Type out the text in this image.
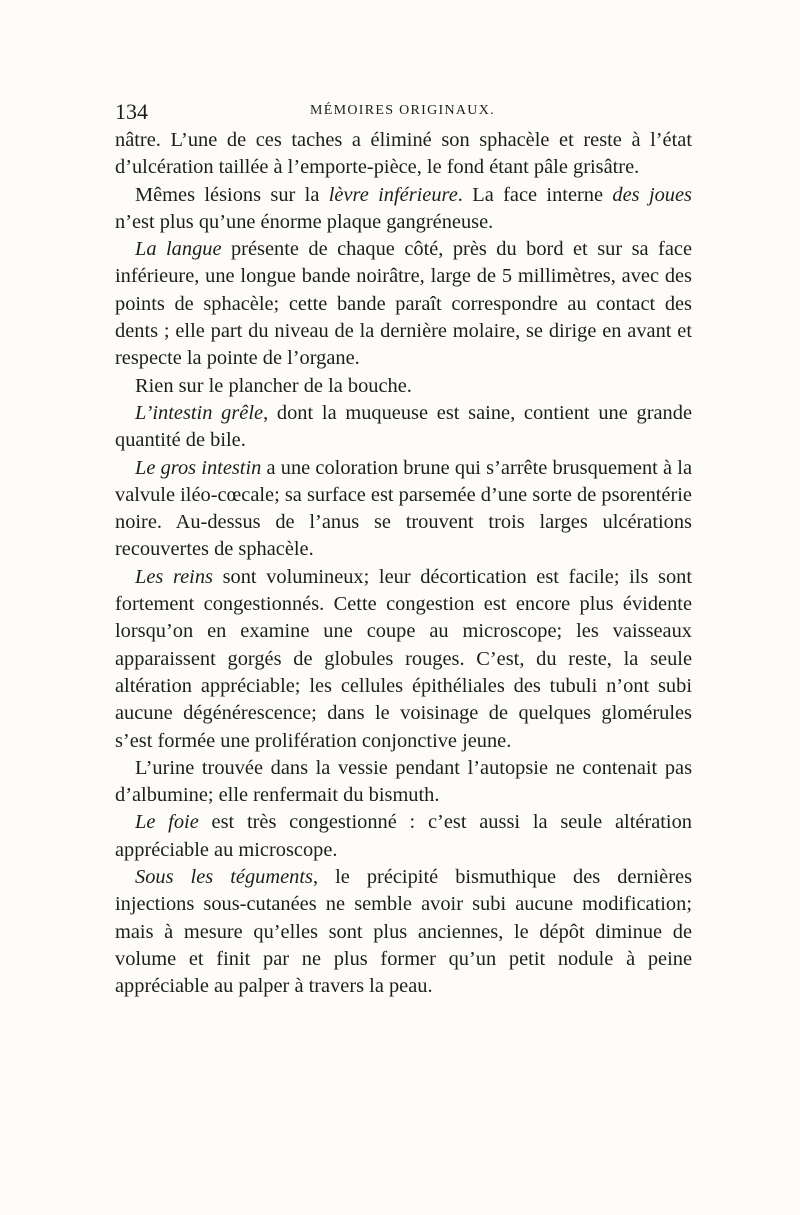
134	MÉMOIRES ORIGINAUX.

nâtre. L’une de ces taches a éliminé son sphacèle et reste à l’état d’ulcération taillée à l’emporte-pièce, le fond étant pâle grisâtre.

Mêmes lésions sur la lèvre inférieure. La face interne des joues n’est plus qu’une énorme plaque gangréneuse.

La langue présente de chaque côté, près du bord et sur sa face inférieure, une longue bande noirâtre, large de 5 millimètres, avec des points de sphacèle; cette bande paraît correspondre au contact des dents ; elle part du niveau de la dernière molaire, se dirige en avant et respecte la pointe de l’organe.

Rien sur le plancher de la bouche.

L’intestin grêle, dont la muqueuse est saine, contient une grande quantité de bile.

Le gros intestin a une coloration brune qui s’arrête brusquement à la valvule iléo-cœcale; sa surface est parsemée d’une sorte de psorentérie noire. Au-dessus de l’anus se trouvent trois larges ulcérations recouvertes de sphacèle.

Les reins sont volumineux; leur décortication est facile; ils sont fortement congestionnés. Cette congestion est encore plus évidente lorsqu’on en examine une coupe au microscope; les vaisseaux apparaissent gorgés de globules rouges. C’est, du reste, la seule altération appréciable; les cellules épithéliales des tubuli n’ont subi aucune dégénérescence; dans le voisinage de quelques glomérules s’est formée une prolifération conjonctive jeune.

L’urine trouvée dans la vessie pendant l’autopsie ne contenait pas d’albumine; elle renfermait du bismuth.

Le foie est très congestionné : c’est aussi la seule altération appréciable au microscope.

Sous les téguments, le précipité bismuthique des dernières injections sous-cutanées ne semble avoir subi aucune modification; mais à mesure qu’elles sont plus anciennes, le dépôt diminue de volume et finit par ne plus former qu’un petit nodule à peine appréciable au palper à travers la peau.
